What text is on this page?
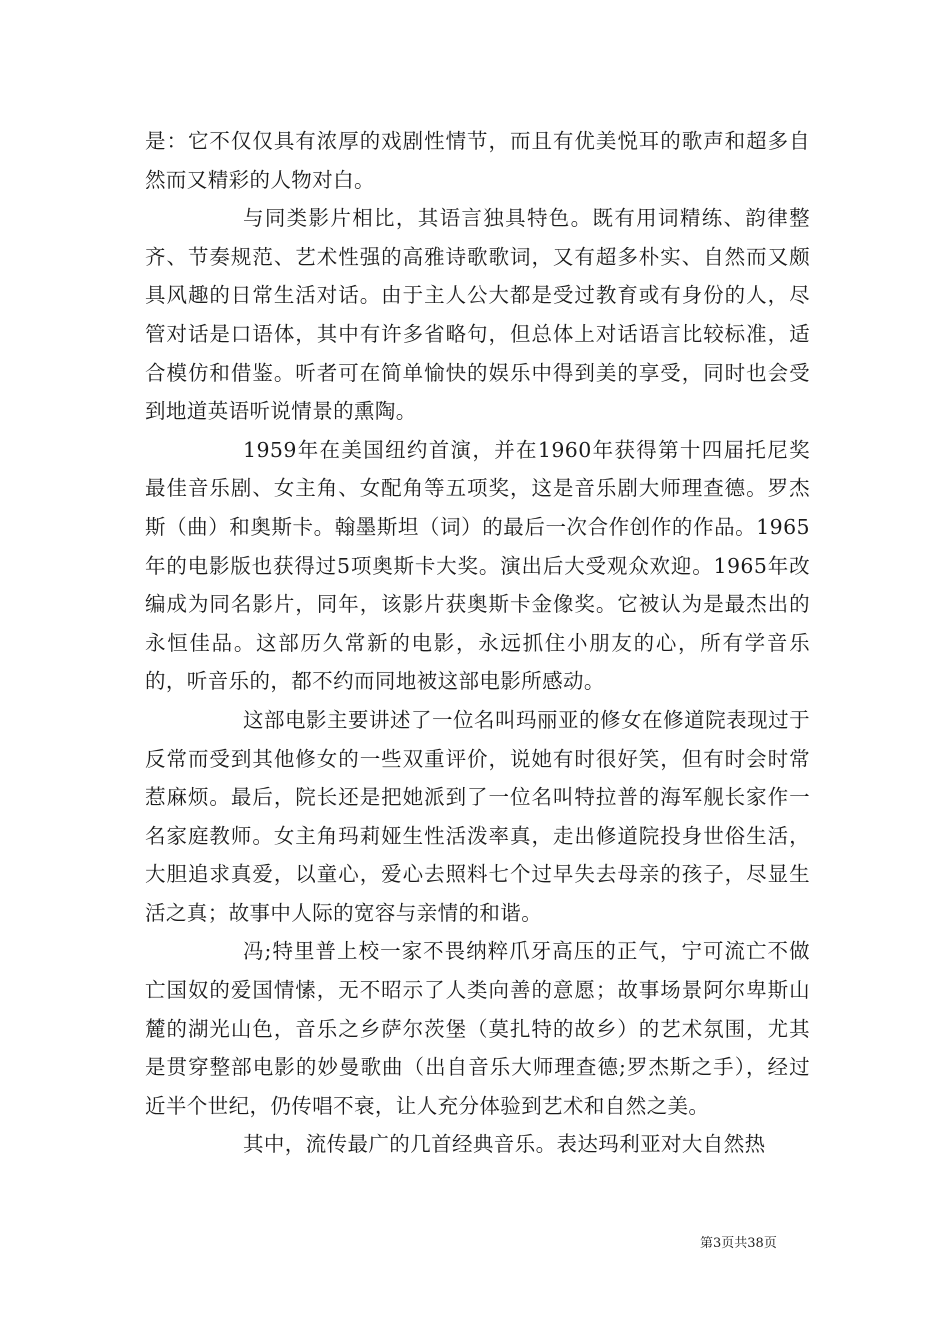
是：它不仅仅具有浓厚的戏剧性情节，而且有优美悦耳的歌声和超多自然而又精彩的人物对白。

与同类影片相比，其语言独具特色。既有用词精练、韵律整齐、节奏规范、艺术性强的高雅诗歌歌词，又有超多朴实、自然而又颇具风趣的日常生活对话。由于主人公大都是受过教育或有身份的人，尽管对话是口语体，其中有许多省略句，但总体上对话语言比较标准，适合模仿和借鉴。听者可在简单愉快的娱乐中得到美的享受，同时也会受到地道英语听说情景的熏陶。

1959年在美国纽约首演，并在1960年获得第十四届托尼奖最佳音乐剧、女主角、女配角等五项奖，这是音乐剧大师理查德。罗杰斯（曲）和奥斯卡。翰墨斯坦（词）的最后一次合作创作的作品。1965年的电影版也获得过5项奥斯卡大奖。演出后大受观众欢迎。1965年改编成为同名影片，同年，该影片获奥斯卡金像奖。它被认为是最杰出的永恒佳品。这部历久常新的电影，永远抓住小朋友的心，所有学音乐的，听音乐的，都不约而同地被这部电影所感动。

这部电影主要讲述了一位名叫玛丽亚的修女在修道院表现过于反常而受到其他修女的一些双重评价，说她有时很好笑，但有时会时常惹麻烦。最后，院长还是把她派到了一位名叫特拉普的海军舰长家作一名家庭教师。女主角玛莉娅生性活泼率真，走出修道院投身世俗生活，大胆追求真爱，以童心，爱心去照料七个过早失去母亲的孩子，尽显生活之真；故事中人际的宽容与亲情的和谐。

冯;特里普上校一家不畏纳粹爪牙高压的正气，宁可流亡不做亡国奴的爱国情愫，无不昭示了人类向善的意愿；故事场景阿尔卑斯山麓的湖光山色，音乐之乡萨尔茨堡（莫扎特的故乡）的艺术氛围，尤其是贯穿整部电影的妙曼歌曲（出自音乐大师理查德;罗杰斯之手），经过近半个世纪，仍传唱不衰，让人充分体验到艺术和自然之美。

其中，流传最广的几首经典音乐。表达玛利亚对大自然热

第3页共38页
